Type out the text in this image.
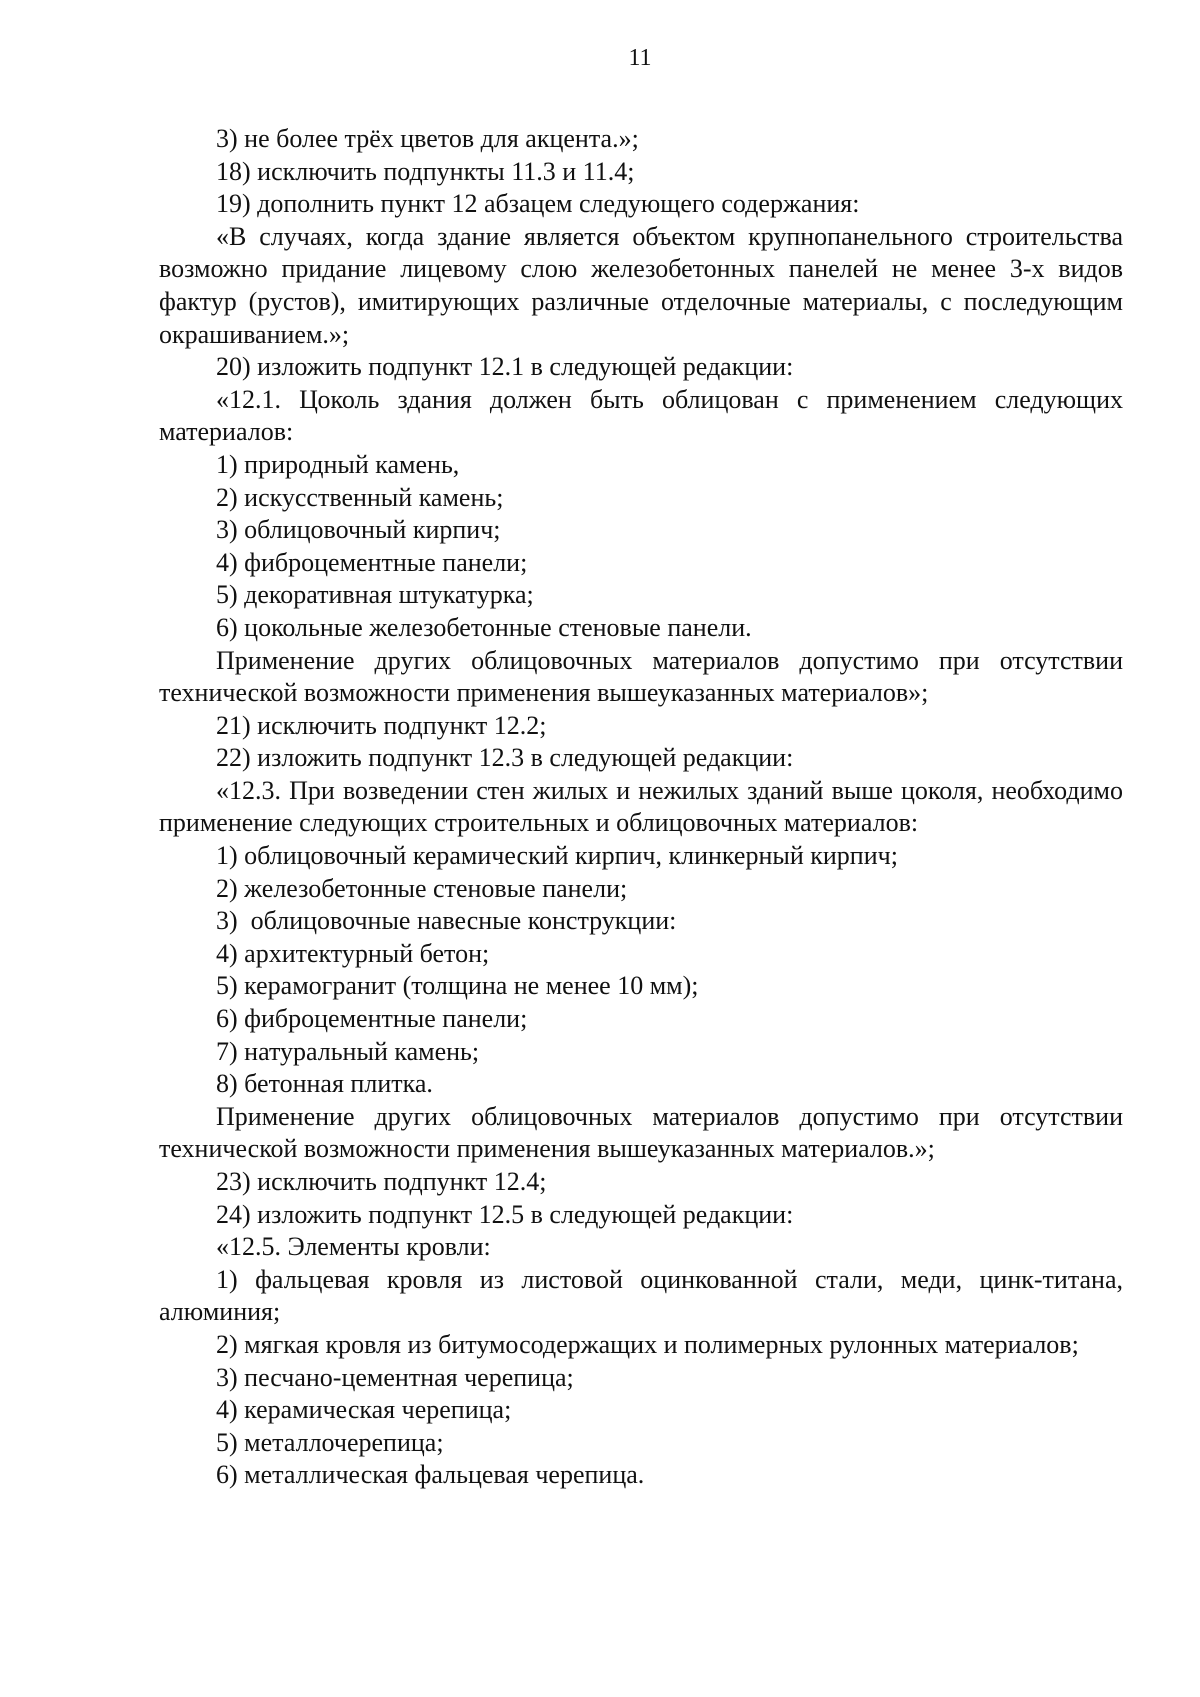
11

3) не более трёх цветов для акцента.»;

18) исключить подпункты 11.3 и 11.4;

19) дополнить пункт 12 абзацем следующего содержания:

«В случаях, когда здание является объектом крупнопанельного строительства возможно придание лицевому слою железобетонных панелей не менее 3-х видов фактур (рустов), имитирующих различные отделочные материалы, с последующим окрашиванием.»;

20) изложить подпункт 12.1 в следующей редакции:

«12.1. Цоколь здания должен быть облицован с применением следующих материалов:

1) природный камень,

2) искусственный камень;

3) облицовочный кирпич;

4) фиброцементные панели;

5) декоративная штукатурка;

6) цокольные железобетонные стеновые панели.

Применение других облицовочных материалов допустимо при отсутствии технической возможности применения вышеуказанных материалов»;

21) исключить подпункт 12.2;

22) изложить подпункт 12.3 в следующей редакции:

«12.3. При возведении стен жилых и нежилых зданий выше цоколя, необходимо применение следующих строительных и облицовочных материалов:

1) облицовочный керамический кирпич, клинкерный кирпич;

2) железобетонные стеновые панели;

3)  облицовочные навесные конструкции:

4) архитектурный бетон;

5) керамогранит (толщина не менее 10 мм);

6) фиброцементные панели;

7) натуральный камень;

8) бетонная плитка.

Применение других облицовочных материалов допустимо при отсутствии технической возможности применения вышеуказанных материалов.»;

23) исключить подпункт 12.4;

24) изложить подпункт 12.5 в следующей редакции:

«12.5. Элементы кровли:

1) фальцевая кровля из листовой оцинкованной стали, меди, цинк-титана, алюминия;

2) мягкая кровля из битумосодержащих и полимерных рулонных материалов;

3) песчано-цементная черепица;

4) керамическая черепица;

5) металлочерепица;

6) металлическая фальцевая черепица.
